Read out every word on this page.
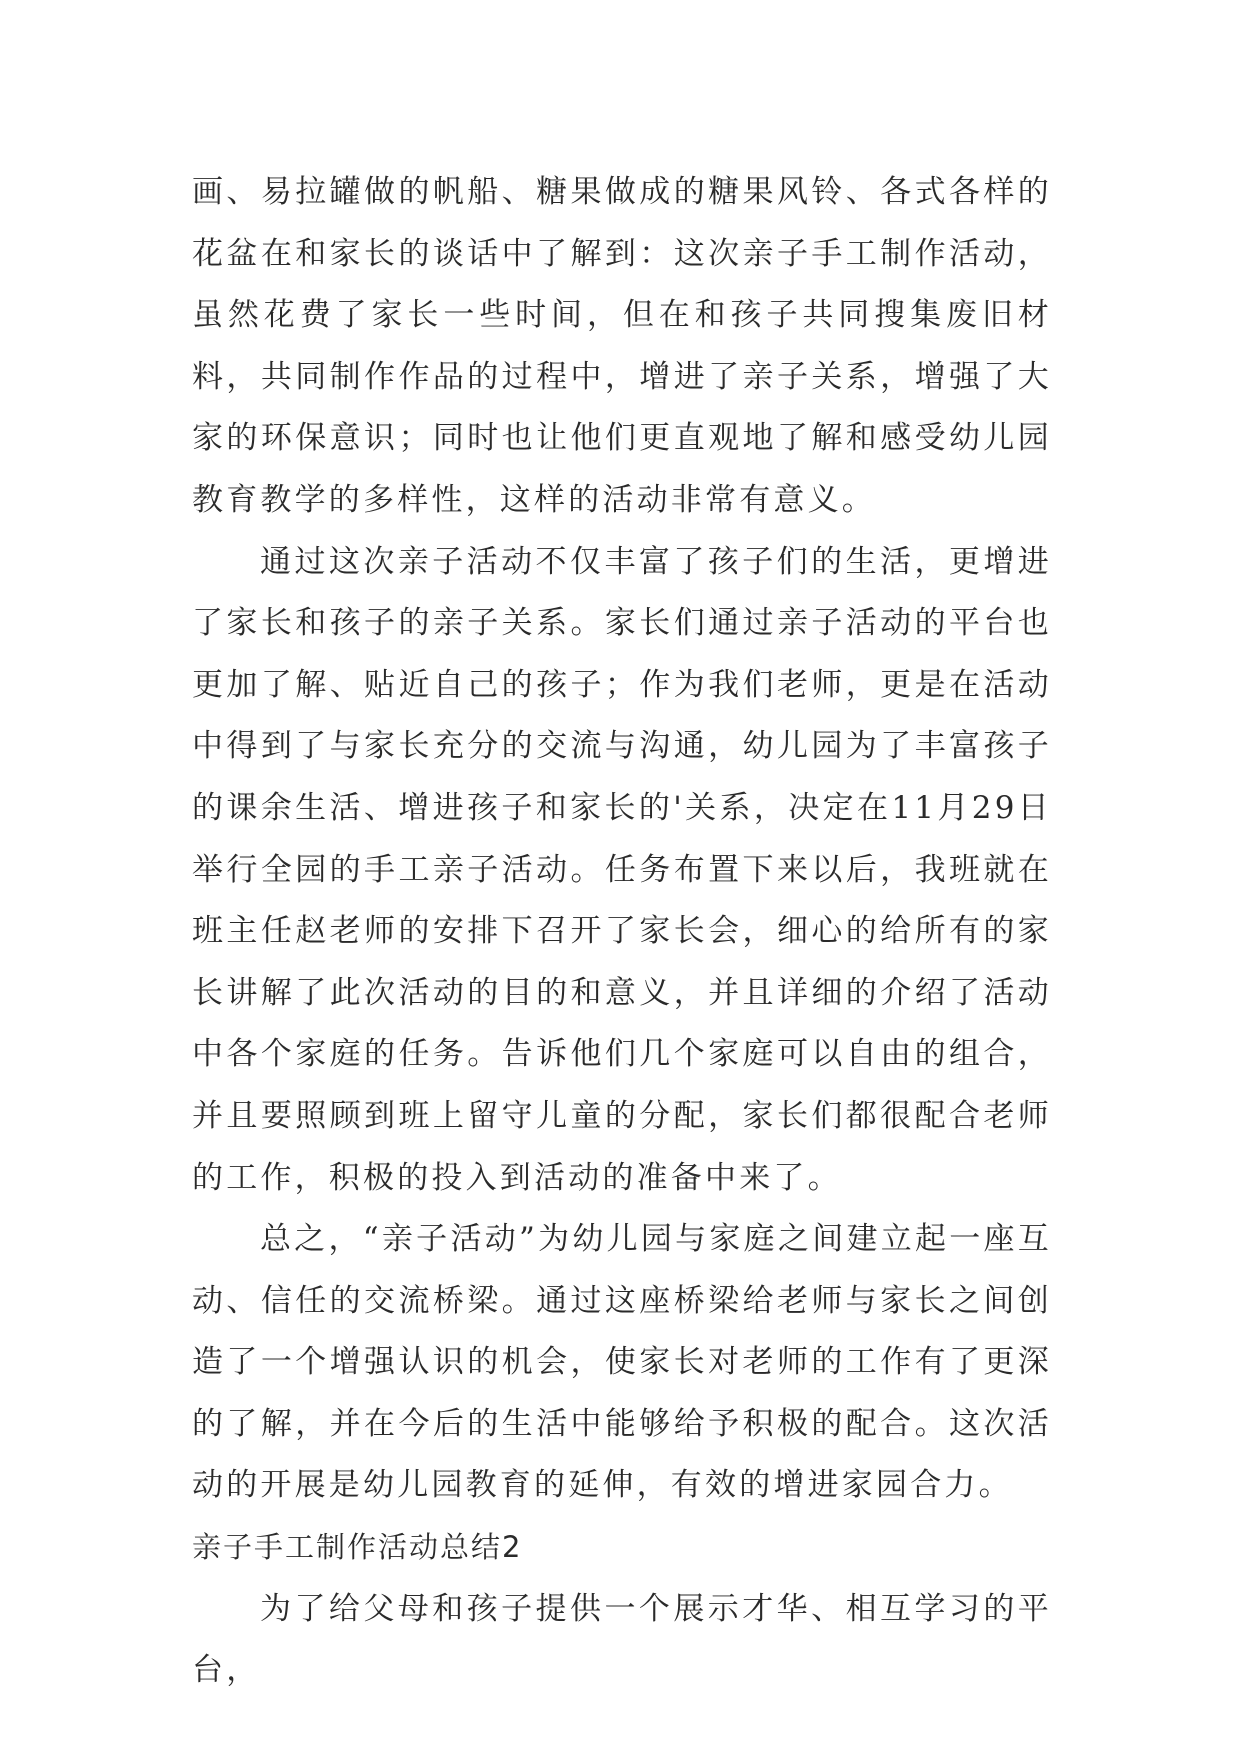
画、易拉罐做的帆船、糖果做成的糖果风铃、各式各样的花盆在和家长的谈话中了解到：这次亲子手工制作活动，虽然花费了家长一些时间，但在和孩子共同搜集废旧材料，共同制作作品的过程中，增进了亲子关系，增强了大家的环保意识；同时也让他们更直观地了解和感受幼儿园教育教学的多样性，这样的活动非常有意义。

通过这次亲子活动不仅丰富了孩子们的生活，更增进了家长和孩子的亲子关系。家长们通过亲子活动的平台也更加了解、贴近自己的孩子；作为我们老师，更是在活动中得到了与家长充分的交流与沟通，幼儿园为了丰富孩子的课余生活、增进孩子和家长的'关系，决定在11月29日举行全园的手工亲子活动。任务布置下来以后，我班就在班主任赵老师的安排下召开了家长会，细心的给所有的家长讲解了此次活动的目的和意义，并且详细的介绍了活动中各个家庭的任务。告诉他们几个家庭可以自由的组合，并且要照顾到班上留守儿童的分配，家长们都很配合老师的工作，积极的投入到活动的准备中来了。

总之，“亲子活动”为幼儿园与家庭之间建立起一座互动、信任的交流桥梁。通过这座桥梁给老师与家长之间创造了一个增强认识的机会，使家长对老师的工作有了更深的了解，并在今后的生活中能够给予积极的配合。这次活动的开展是幼儿园教育的延伸，有效的增进家园合力。

亲子手工制作活动总结2

为了给父母和孩子提供一个展示才华、相互学习的平台，
